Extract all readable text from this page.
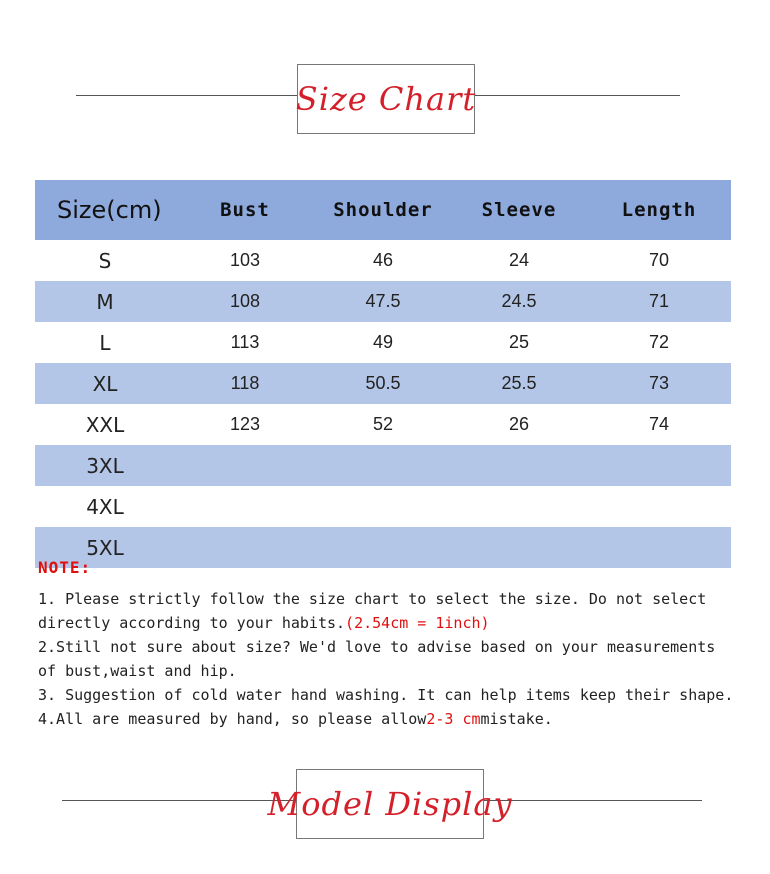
Size Chart
Size(cm)	Bust	Shoulder	Sleeve	Length
S	103	46	24	70
M	108	47.5	24.5	71
L	113	49	25	72
XL	118	50.5	25.5	73
XXL	123	52	26	74
3XL				
4XL				
5XL				
NOTE:
1. Please strictly follow the size chart to select the size. Do not select
directly according to your habits.(2.54cm = 1inch)
2.Still not sure about size? We'd love to advise based on your measurements
of bust,waist and hip.
3. Suggestion of cold water hand washing. It can help items keep their shape.
4.All are measured by hand, so please allow2-3 cmmistake.
Model Display
